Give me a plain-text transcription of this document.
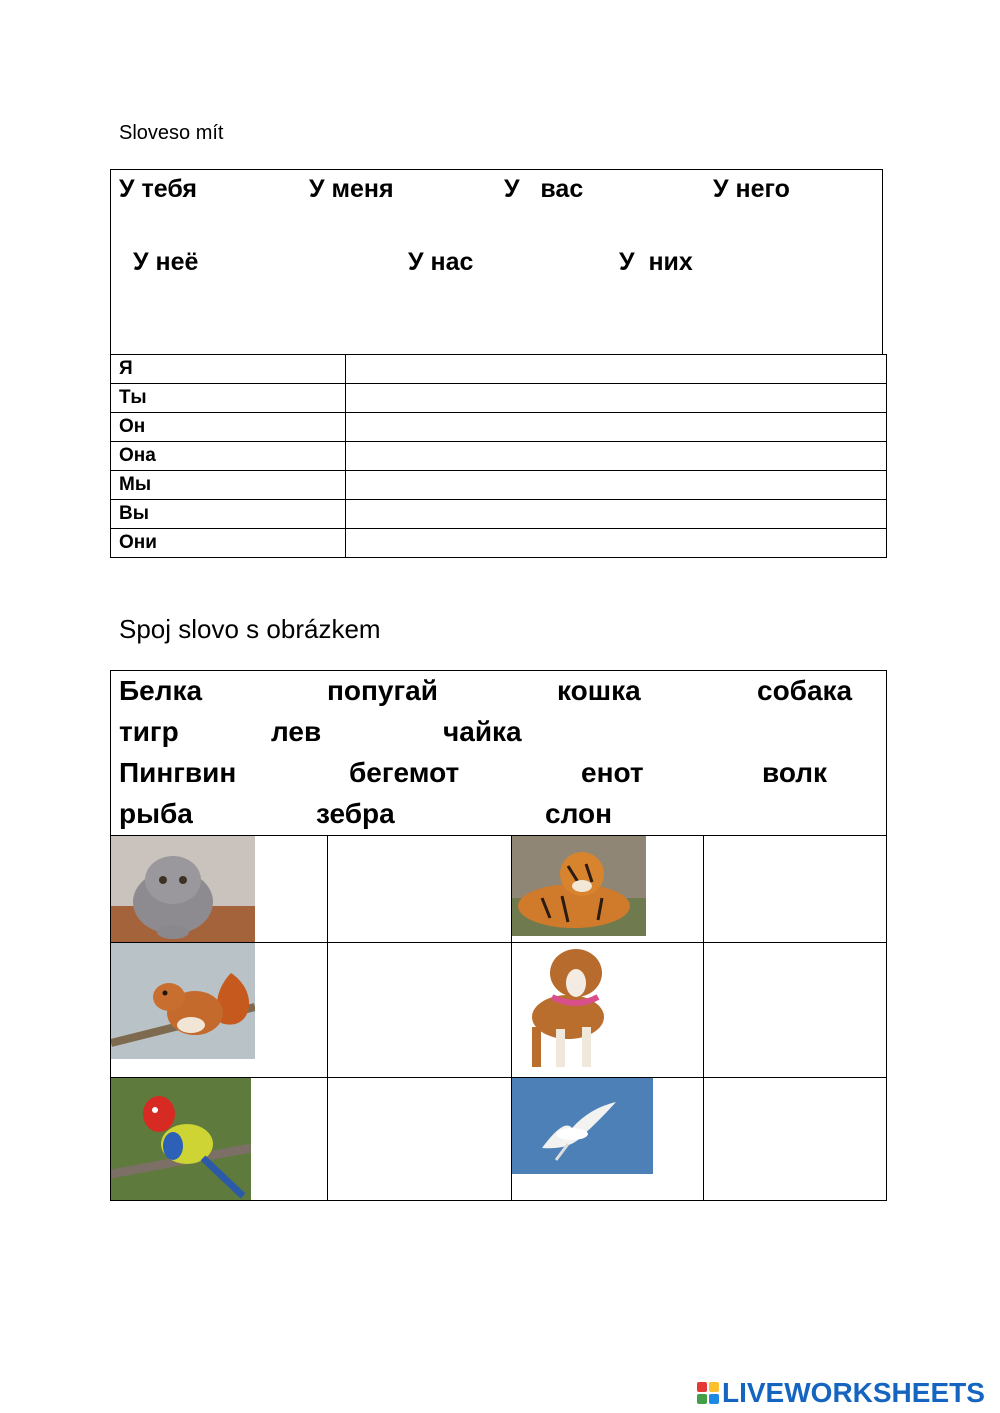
Sloveso mít
У тебя	У меня	У   вас	У него
У неё	У нас	У  них
Я	
Ты	
Он	
Она	
Мы	
Вы	
Они	
Spoj slovo s obrázkem
Белка	попугай	кошка	собака
тигр	лев	чайка
Пингвин	бегемот	енот	волк
рыба	зебра	слон

LIVEWORKSHEETS
